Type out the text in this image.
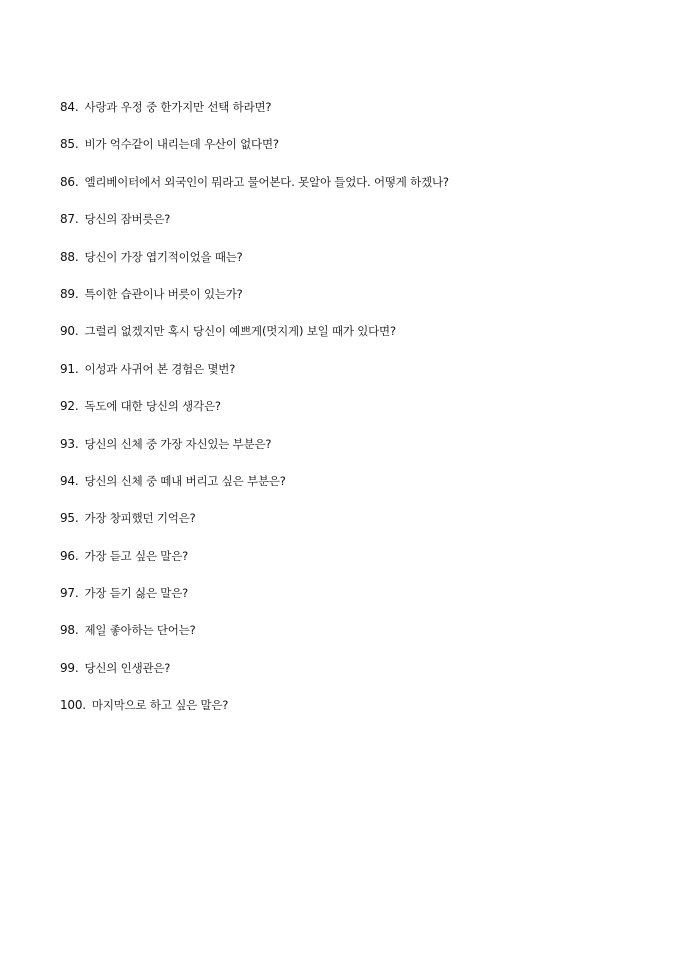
84. 사랑과 우정 중 한가지만 선택 하라면?
85. 비가 억수같이 내리는데 우산이 없다면?
86. 엘리베이터에서 외국인이 뭐라고 물어본다. 못알아 들었다. 어떻게 하겠나?
87. 당신의 잠버릇은?
88. 당신이 가장 엽기적이었을 때는?
89. 특이한 습관이나 버릇이 있는가?
90. 그럴리 없겠지만 혹시 당신이 예쁘게(멋지게) 보일 때가 있다면?
91. 이성과 사귀어 본 경험은 몇번?
92. 독도에 대한 당신의 생각은?
93. 당신의 신체 중 가장 자신있는 부분은?
94. 당신의 신체 중 떼내 버리고 싶은 부분은?
95. 가장 창피했던 기억은?
96. 가장 듣고 싶은 말은?
97. 가장 듣기 싫은 말은?
98. 제일 좋아하는 단어는?
99. 당신의 인생관은?
100. 마지막으로 하고 싶은 말은?
